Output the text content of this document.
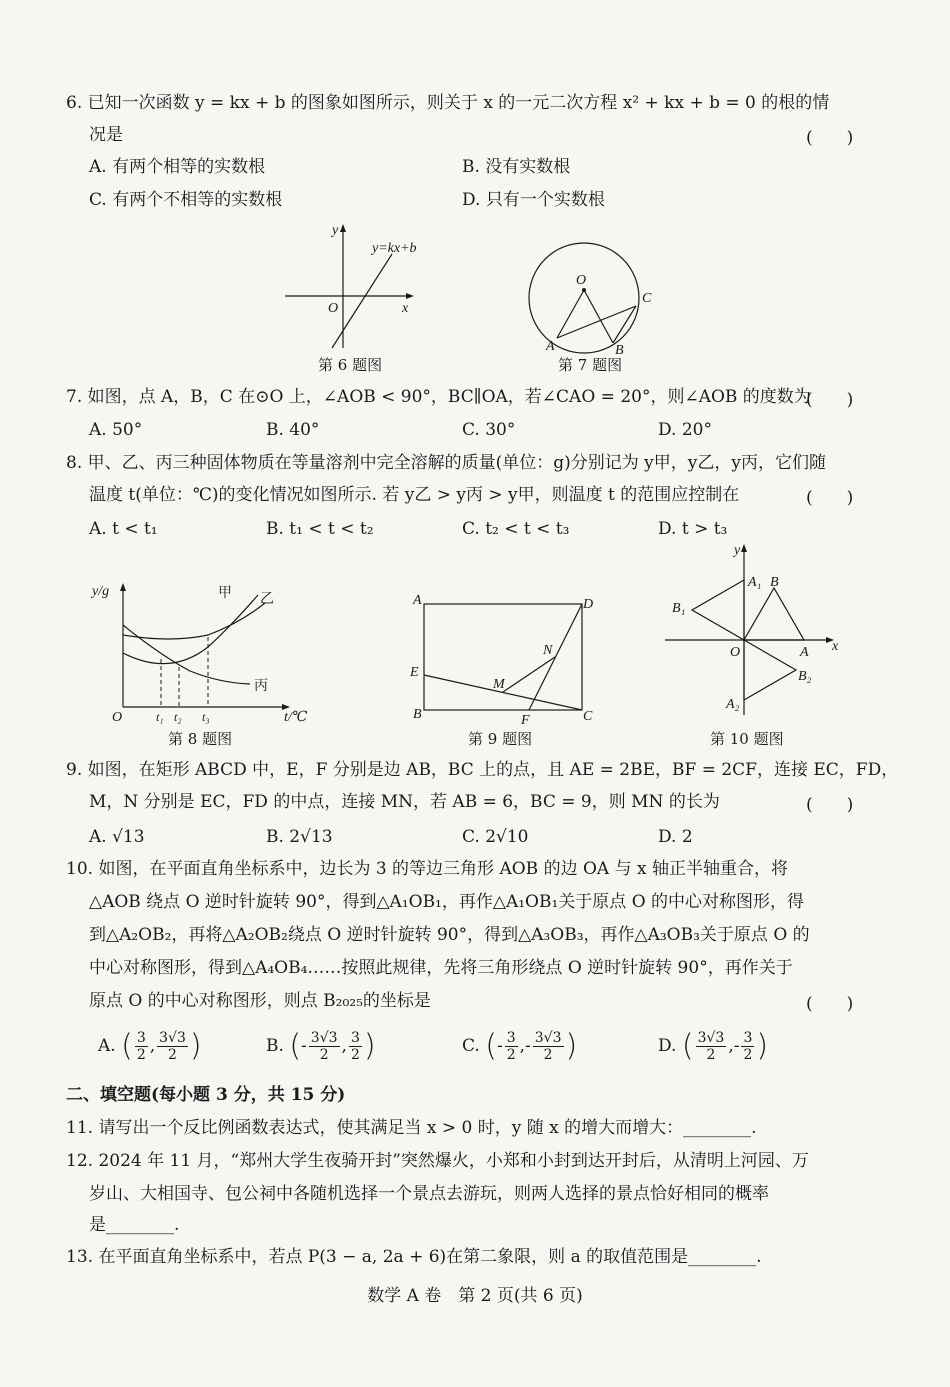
6. 已知一次函数 y = kx + b 的图象如图所示，则关于 x 的一元二次方程 x² + kx + b = 0 的根的情
况是	(　　)
A. 有两个相等的实数根	B. 没有实数根
C. 有两个不相等的实数根	D. 只有一个实数根
y
x
O
y=kx+b
第 6 题图
O
A	B
C
第 7 题图
7. 如图，点 A，B，C 在⊙O 上，∠AOB < 90°，BC∥OA，若∠CAO = 20°，则∠AOB 的度数为
(　　)
A. 50°	B. 40°	C. 30°	D. 20°
8. 甲、乙、丙三种固体物质在等量溶剂中完全溶解的质量(单位：g)分别记为 y甲，y乙，y丙，它们随
温度 t(单位：℃)的变化情况如图所示. 若 y乙 > y丙 > y甲，则温度 t 的范围应控制在	(　　)
A. t < t₁	B. t₁ < t < t₂	C. t₂ < t < t₃	D. t > t₃
y/g	甲 乙
丙
O	t₁ t₂ t₃	t/℃
第 8 题图
A
B	C
D
E
F
M
N
第 9 题图
y
x
O	A
A₁
A₂
B
B₁
B₂
第 10 题图
9. 如图，在矩形 ABCD 中，E，F 分别是边 AB，BC 上的点，且 AE = 2BE，BF = 2CF，连接 EC，FD，
M，N 分别是 EC，FD 的中点，连接 MN，若 AB = 6，BC = 9，则 MN 的长为	(　　)
A. √13	B. 2√13	C. 2√10	D. 2
10. 如图，在平面直角坐标系中，边长为 3 的等边三角形 AOB 的边 OA 与 x 轴正半轴重合，将
△AOB 绕点 O 逆时针旋转 90°，得到△A₁OB₁，再作△A₁OB₁关于原点 O 的中心对称图形，得
到△A₂OB₂，再将△A₂OB₂绕点 O 逆时针旋转 90°，得到△A₃OB₃，再作△A₃OB₃关于原点 O 的
中心对称图形，得到△A₄OB₄……按照此规律，先将三角形绕点 O 逆时针旋转 90°，再作关于
原点 O 的中心对称图形，则点 B₂₀₂₅的坐标是	(　　)
A. ( $\frac{3}{2}$ , $\frac{3√3}{2}$ )	B. (- $\frac{3√3}{2}$ , $\frac{3}{2}$ )	C. (- $\frac{3}{2}$ ,- $\frac{3√3}{2}$ )	D. ( $\frac{3√3}{2}$ ,- $\frac{3}{2}$ )
二、填空题(每小题 3 分，共 15 分)
11. 请写出一个反比例函数表达式，使其满足当 x > 0 时，y 随 x 的增大而增大：________.
12. 2024 年 11 月，“郑州大学生夜骑开封”突然爆火，小郑和小封到达开封后，从清明上河园、万
岁山、大相国寺、包公祠中各随机选择一个景点去游玩，则两人选择的景点恰好相同的概率
是________.
13. 在平面直角坐标系中，若点 P(3 − a, 2a + 6)在第二象限，则 a 的取值范围是________.
数学 A 卷　第 2 页(共 6 页)
